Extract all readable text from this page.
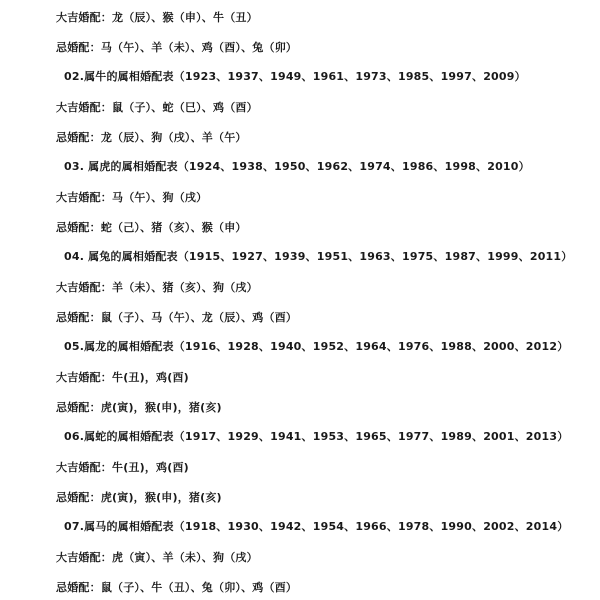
大吉婚配：龙（辰）、猴（申）、牛（丑）
忌婚配：马（午）、羊（未）、鸡（酉）、兔（卯）
02.属牛的属相婚配表（1923、1937、1949、1961、1973、1985、1997、2009）
大吉婚配：鼠（子）、蛇（巳）、鸡（酉）
忌婚配：龙（辰）、狗（戌）、羊（午）
03. 属虎的属相婚配表（1924、1938、1950、1962、1974、1986、1998、2010）
大吉婚配：马（午）、狗（戌）
忌婚配：蛇（己）、猪（亥）、猴（申）
04. 属兔的属相婚配表（1915、1927、1939、1951、1963、1975、1987、1999、2011）
大吉婚配：羊（未）、猪（亥）、狗（戌）
忌婚配：鼠（子）、马（午）、龙（辰）、鸡（酉）
05.属龙的属相婚配表（1916、1928、1940、1952、1964、1976、1988、2000、2012）
大吉婚配：牛(丑)，鸡(酉)
忌婚配：虎(寅)，猴(申)，猪(亥)
06.属蛇的属相婚配表（1917、1929、1941、1953、1965、1977、1989、2001、2013）
大吉婚配：牛(丑)，鸡(酉)
忌婚配：虎(寅)，猴(申)，猪(亥)
07.属马的属相婚配表（1918、1930、1942、1954、1966、1978、1990、2002、2014）
大吉婚配：虎（寅）、羊（未）、狗（戌）
忌婚配：鼠（子）、牛（丑）、兔（卯）、鸡（酉）
